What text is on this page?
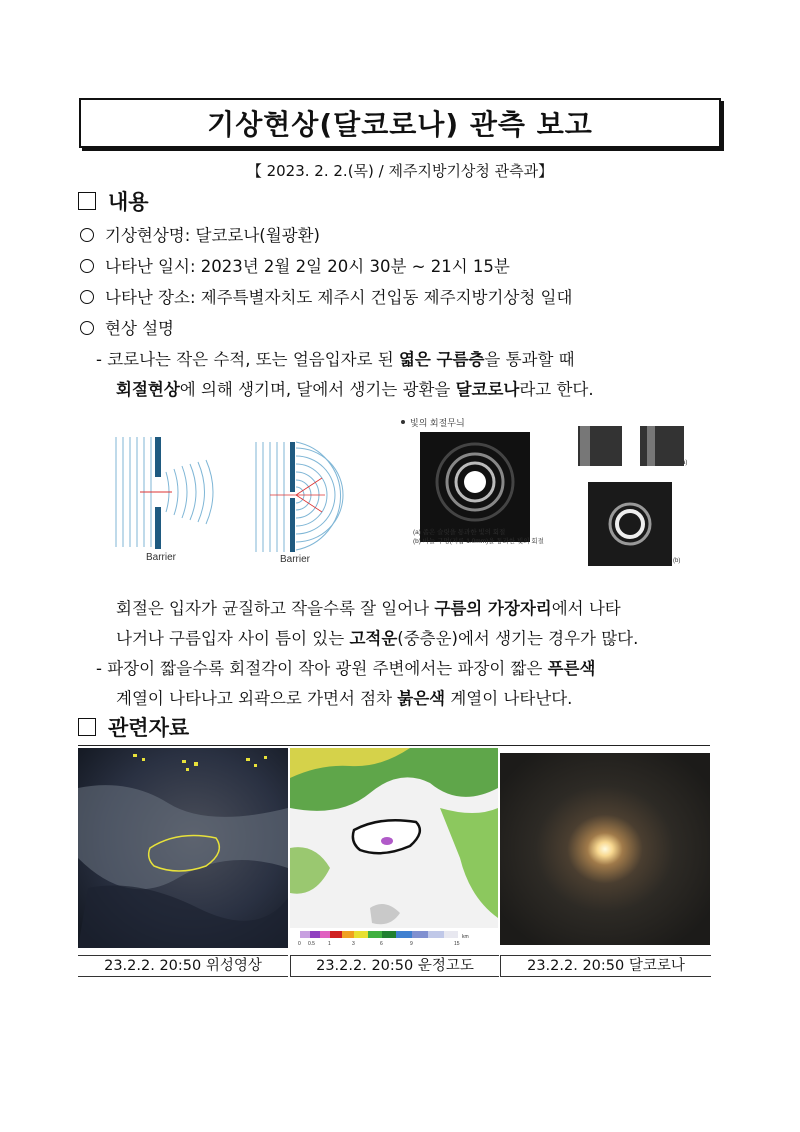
기상현상(달코로나) 관측 보고
【 2023. 2. 2.(목) / 제주지방기상청 관측과】
내용
기상현상명: 달코로나(월광환)
나타난 일시: 2023년 2월 2일 20시 30분 ~ 21시 15분
나타난 장소: 제주특별자치도 제주시 건입동 제주지방기상청 일대
현상 설명
- 코로나는 작은 수적, 또는 얼음입자로 된 엷은 구름층을 통과할 때
회절현상에 의해 생기며, 달에서 생기는 광환을 달코로나라고 한다.
Barrier	Barrier
빛의 회절무늬
(a) 좁은 슬릿을 통과한 빛의 회절
(b) 바늘 구멍(지름 1.0mm)을 통과한 빛의 회절
(a)
(b)
회절은 입자가 균질하고 작을수록 잘 일어나 구름의 가장자리에서 나타
나거나 구름입자 사이 틈이 있는 고적운(중층운)에서 생기는 경우가 많다.
- 파장이 짧을수록 회절각이 작아 광원 주변에서는 파장이 짧은 푸른색
계열이 나타나고 외곽으로 가면서 점차 붉은색 계열이 나타난다.
관련자료
0 0.5	1	3	6	9	15
km
23.2.2. 20:50 위성영상	23.2.2. 20:50 운정고도	23.2.2. 20:50 달코로나
